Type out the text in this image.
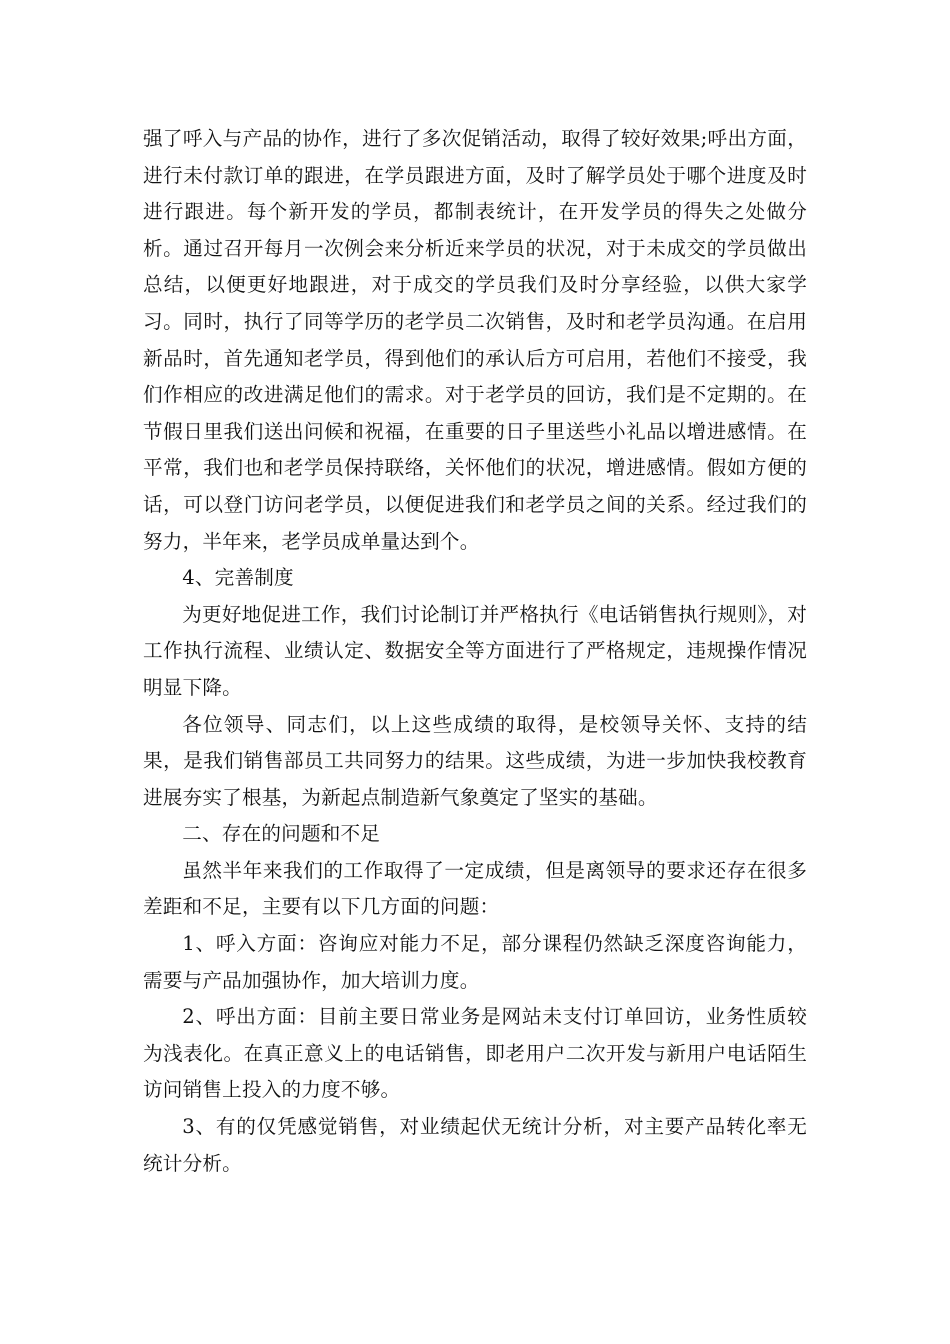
强了呼入与产品的协作，进行了多次促销活动，取得了较好效果;呼出方面，进行未付款订单的跟进，在学员跟进方面，及时了解学员处于哪个进度及时进行跟进。每个新开发的学员，都制表统计，在开发学员的得失之处做分析。通过召开每月一次例会来分析近来学员的状况，对于未成交的学员做出总结，以便更好地跟进，对于成交的学员我们及时分享经验，以供大家学习。同时，执行了同等学历的老学员二次销售，及时和老学员沟通。在启用新品时，首先通知老学员，得到他们的承认后方可启用，若他们不接受，我们作相应的改进满足他们的需求。对于老学员的回访，我们是不定期的。在节假日里我们送出问候和祝福，在重要的日子里送些小礼品以增进感情。在平常，我们也和老学员保持联络，关怀他们的状况，增进感情。假如方便的话，可以登门访问老学员，以便促进我们和老学员之间的关系。经过我们的努力，半年来，老学员成单量达到个。

4、完善制度

为更好地促进工作，我们讨论制订并严格执行《电话销售执行规则》，对工作执行流程、业绩认定、数据安全等方面进行了严格规定，违规操作情况明显下降。

各位领导、同志们，以上这些成绩的取得，是校领导关怀、支持的结果，是我们销售部员工共同努力的结果。这些成绩，为进一步加快我校教育进展夯实了根基，为新起点制造新气象奠定了坚实的基础。

二、存在的问题和不足

虽然半年来我们的工作取得了一定成绩，但是离领导的要求还存在很多差距和不足，主要有以下几方面的问题：

1、呼入方面：咨询应对能力不足，部分课程仍然缺乏深度咨询能力，需要与产品加强协作，加大培训力度。

2、呼出方面：目前主要日常业务是网站未支付订单回访，业务性质较为浅表化。在真正意义上的电话销售，即老用户二次开发与新用户电话陌生访问销售上投入的力度不够。

3、有的仅凭感觉销售，对业绩起伏无统计分析，对主要产品转化率无统计分析。
